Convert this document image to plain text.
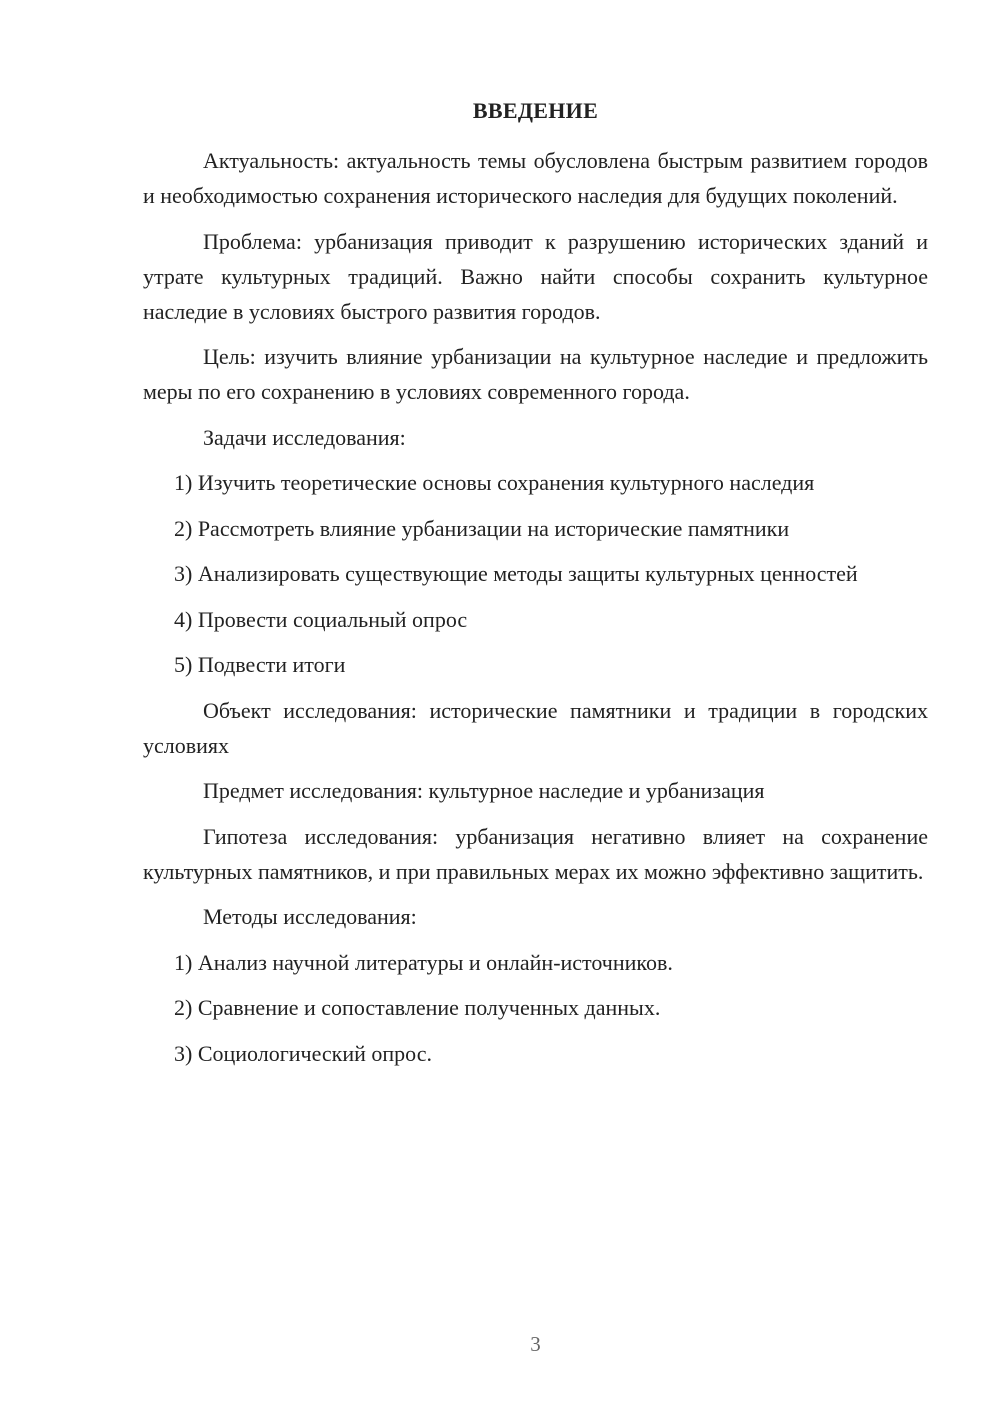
ВВЕДЕНИЕ

Актуальность: актуальность темы обусловлена быстрым развитием городов и необходимостью сохранения исторического наследия для будущих поколений.

Проблема: урбанизация приводит к разрушению исторических зданий и утрате культурных традиций. Важно найти способы сохранить культурное наследие в условиях быстрого развития городов.

Цель: изучить влияние урбанизации на культурное наследие и предложить меры по его сохранению в условиях современного города.

Задачи исследования:

1) Изучить теоретические основы сохранения культурного наследия

2) Рассмотреть влияние урбанизации на исторические памятники

3) Анализировать существующие методы защиты культурных ценностей

4) Провести социальный опрос

5) Подвести итоги

Объект исследования: исторические памятники и традиции в городских условиях

Предмет исследования: культурное наследие и урбанизация

Гипотеза исследования: урбанизация негативно влияет на сохранение культурных памятников, и при правильных мерах их можно эффективно защитить.

Методы исследования:

1) Анализ научной литературы и онлайн-источников.

2) Сравнение и сопоставление полученных данных.

3) Социологический опрос.

3
